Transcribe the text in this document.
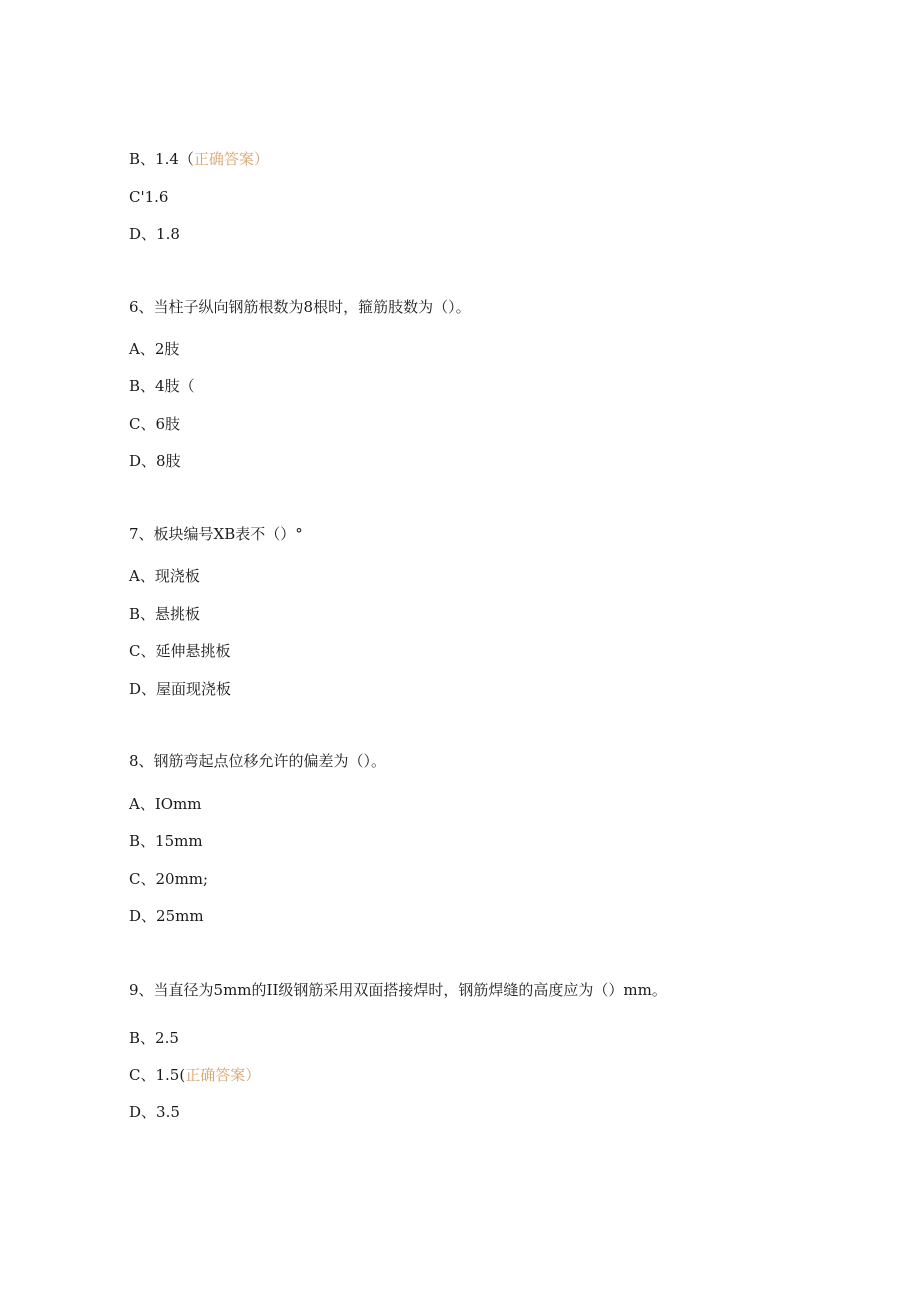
B、1.4（正确答案）
C'1.6
D、1.8
6、当柱子纵向钢筋根数为8根时，箍筋肢数为（）。
A、2肢
B、4肢（
C、6肢
D、8肢
7、板块编号XB表不（）°
A、现浇板
B、悬挑板
C、延伸悬挑板
D、屋面现浇板
8、钢筋弯起点位移允许的偏差为（）。
A、IOmm
B、15mm
C、20mm;
D、25mm
9、当直径为5mm的II级钢筋采用双面搭接焊时，钢筋焊缝的高度应为（）mm。
B、2.5
C、1.5(正确答案）
D、3.5
